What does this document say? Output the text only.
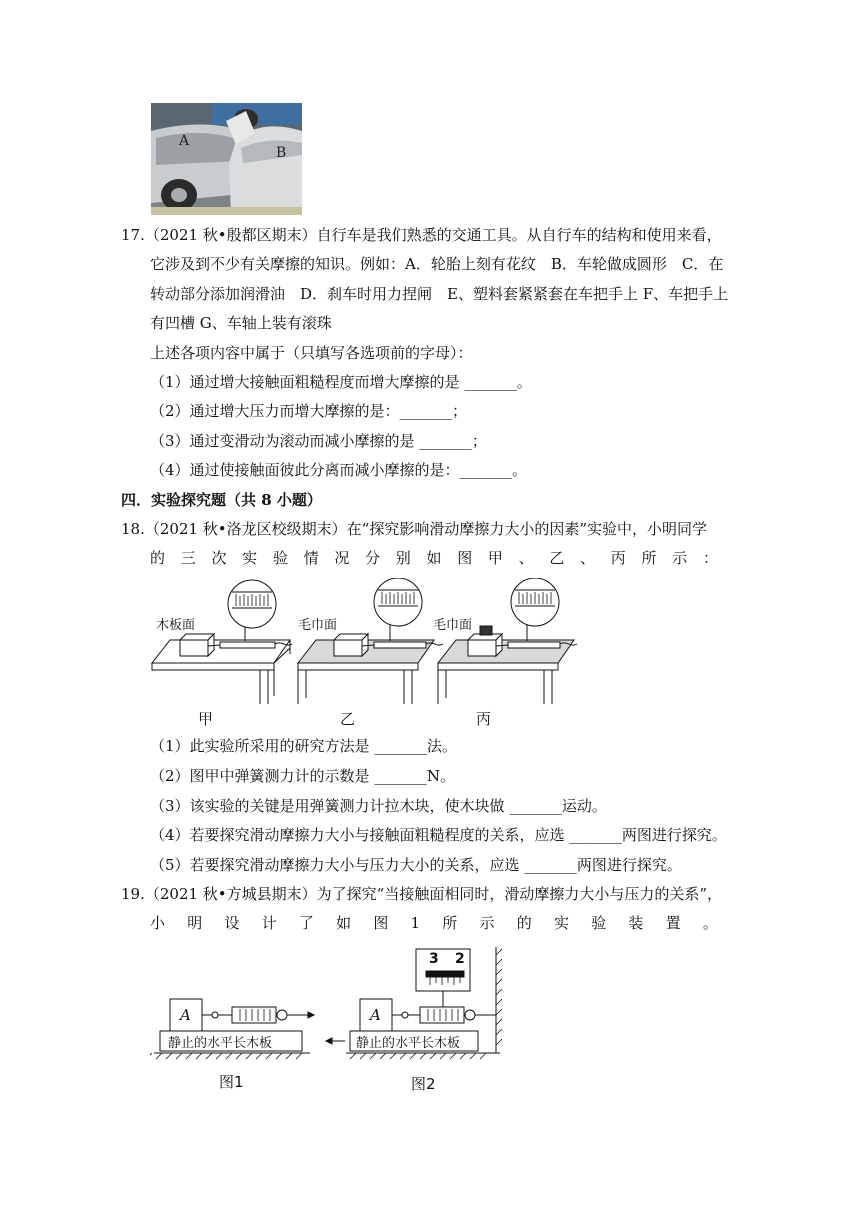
A
B
17.（2021 秋•殷都区期末）自行车是我们熟悉的交通工具。从自行车的结构和使用来看，
它涉及到不少有关摩擦的知识。例如：A．轮胎上刻有花纹　B．车轮做成圆形　C．在
转动部分添加润滑油　D．刹车时用力捏闸　E、塑料套紧紧套在车把手上 F、车把手上
有凹槽 G、车轴上装有滚珠
上述各项内容中属于（只填写各选项前的字母）：
（1）通过增大接触面粗糙程度而增大摩擦的是 _______。
（2）通过增大压力而增大摩擦的是：_______；
（3）通过变滑动为滚动而减小摩擦的是 _______；
（4）通过使接触面彼此分离而减小摩擦的是：_______。
四．实验探究题（共 8 小题）
18.（2021 秋•洛龙区校级期末）在“探究影响滑动摩擦力大小的因素”实验中，小明同学
的 三 次 实 验 情 况 分 别 如 图 甲 、 乙 、 丙 所 示 ：
木板面	毛巾面	毛巾面
甲	乙	丙
（1）此实验所采用的研究方法是 _______法。
（2）图甲中弹簧测力计的示数是 _______N。
（3）该实验的关键是用弹簧测力计拉木块，使木块做 _______运动。
（4）若要探究滑动摩擦力大小与接触面粗糙程度的关系，应选 _______两图进行探究。
（5）若要探究滑动摩擦力大小与压力大小的关系，应选 _______两图进行探究。
19.（2021 秋•方城县期末）为了探究“当接触面相同时，滑动摩擦力大小与压力的关系”，
小 明 设 计 了 如 图 1 所 示 的 实 验 装 置 。
A
静止的水平长木板
A
静止的水平长木板
3 2
图1	图2
